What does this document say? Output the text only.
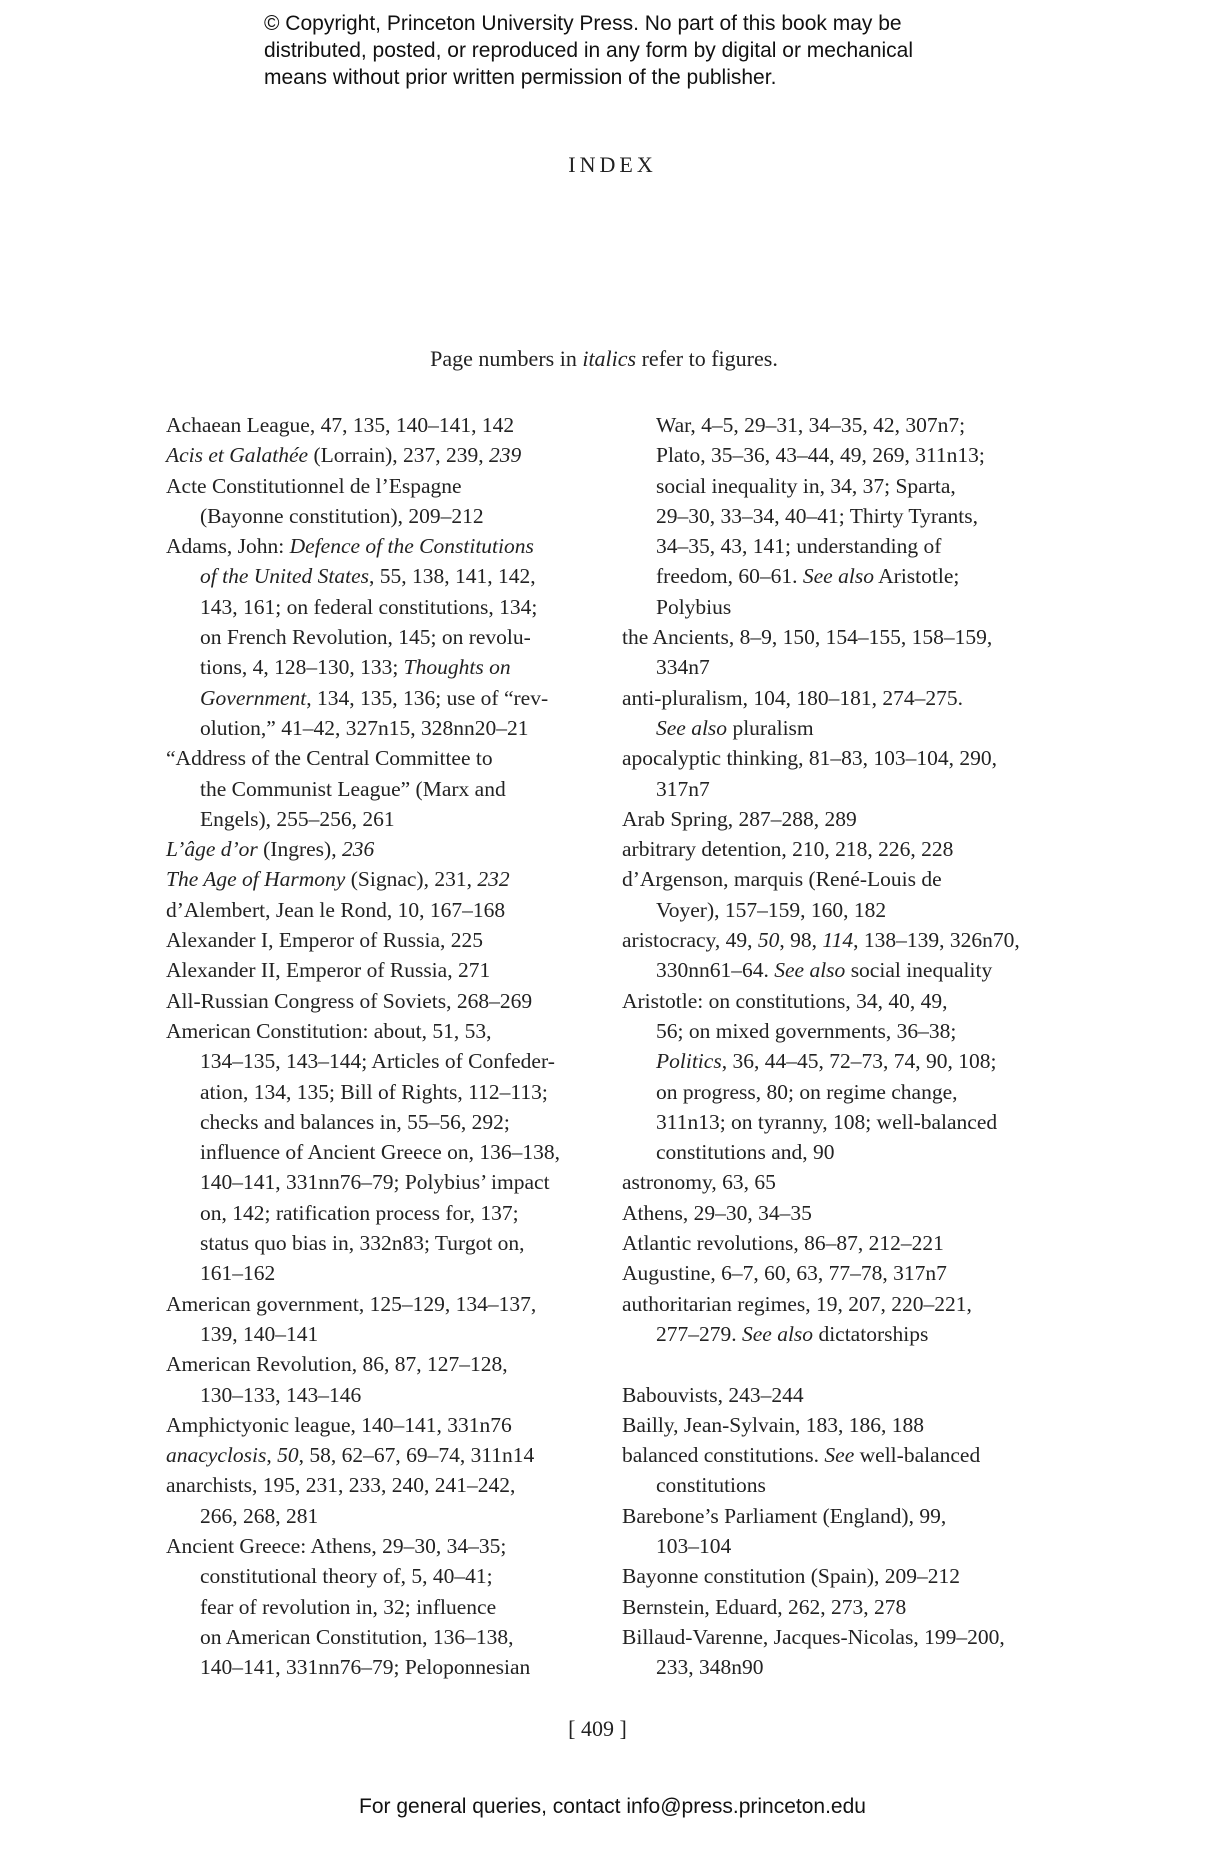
© Copyright, Princeton University Press. No part of this book may be
distributed, posted, or reproduced in any form by digital or mechanical
means without prior written permission of the publisher.
INDEX
Page numbers in italics refer to figures.
Achaean League, 47, 135, 140–141, 142
Acis et Galathée (Lorrain), 237, 239, 239
Acte Constitutionnel de l’Espagne
(Bayonne constitution), 209–212
Adams, John: Defence of the Constitutions
of the United States, 55, 138, 141, 142,
143, 161; on federal constitutions, 134;
on French Revolution, 145; on revolu-
tions, 4, 128–130, 133; Thoughts on
Government, 134, 135, 136; use of “rev-
olution,” 41–42, 327n15, 328nn20–21
“Address of the Central Committee to
the Communist League” (Marx and
Engels), 255–256, 261
L’âge d’or (Ingres), 236
The Age of Harmony (Signac), 231, 232
d’Alembert, Jean le Rond, 10, 167–168
Alexander I, Emperor of Russia, 225
Alexander II, Emperor of Russia, 271
All-Russian Congress of Soviets, 268–269
American Constitution: about, 51, 53,
134–135, 143–144; Articles of Confeder-
ation, 134, 135; Bill of Rights, 112–113;
checks and balances in, 55–56, 292;
influence of Ancient Greece on, 136–138,
140–141, 331nn76–79; Polybius’ impact
on, 142; ratification process for, 137;
status quo bias in, 332n83; Turgot on,
161–162
American government, 125–129, 134–137,
139, 140–141
American Revolution, 86, 87, 127–128,
130–133, 143–146
Amphictyonic league, 140–141, 331n76
anacyclosis, 50, 58, 62–67, 69–74, 311n14
anarchists, 195, 231, 233, 240, 241–242,
266, 268, 281
Ancient Greece: Athens, 29–30, 34–35;
constitutional theory of, 5, 40–41;
fear of revolution in, 32; influence
on American Constitution, 136–138,
140–141, 331nn76–79; Peloponnesian
War, 4–5, 29–31, 34–35, 42, 307n7;
Plato, 35–36, 43–44, 49, 269, 311n13;
social inequality in, 34, 37; Sparta,
29–30, 33–34, 40–41; Thirty Tyrants,
34–35, 43, 141; understanding of
freedom, 60–61. See also Aristotle;
Polybius
the Ancients, 8–9, 150, 154–155, 158–159,
334n7
anti-pluralism, 104, 180–181, 274–275.
See also pluralism
apocalyptic thinking, 81–83, 103–104, 290,
317n7
Arab Spring, 287–288, 289
arbitrary detention, 210, 218, 226, 228
d’Argenson, marquis (René-Louis de
Voyer), 157–159, 160, 182
aristocracy, 49, 50, 98, 114, 138–139, 326n70,
330nn61–64. See also social inequality
Aristotle: on constitutions, 34, 40, 49,
56; on mixed governments, 36–38;
Politics, 36, 44–45, 72–73, 74, 90, 108;
on progress, 80; on regime change,
311n13; on tyranny, 108; well-balanced
constitutions and, 90
astronomy, 63, 65
Athens, 29–30, 34–35
Atlantic revolutions, 86–87, 212–221
Augustine, 6–7, 60, 63, 77–78, 317n7
authoritarian regimes, 19, 207, 220–221,
277–279. See also dictatorships
Babouvists, 243–244
Bailly, Jean-Sylvain, 183, 186, 188
balanced constitutions. See well-balanced
constitutions
Barebone’s Parliament (England), 99,
103–104
Bayonne constitution (Spain), 209–212
Bernstein, Eduard, 262, 273, 278
Billaud-Varenne, Jacques-Nicolas, 199–200,
233, 348n90
[ 409 ]
For general queries, contact info@press.princeton.edu
